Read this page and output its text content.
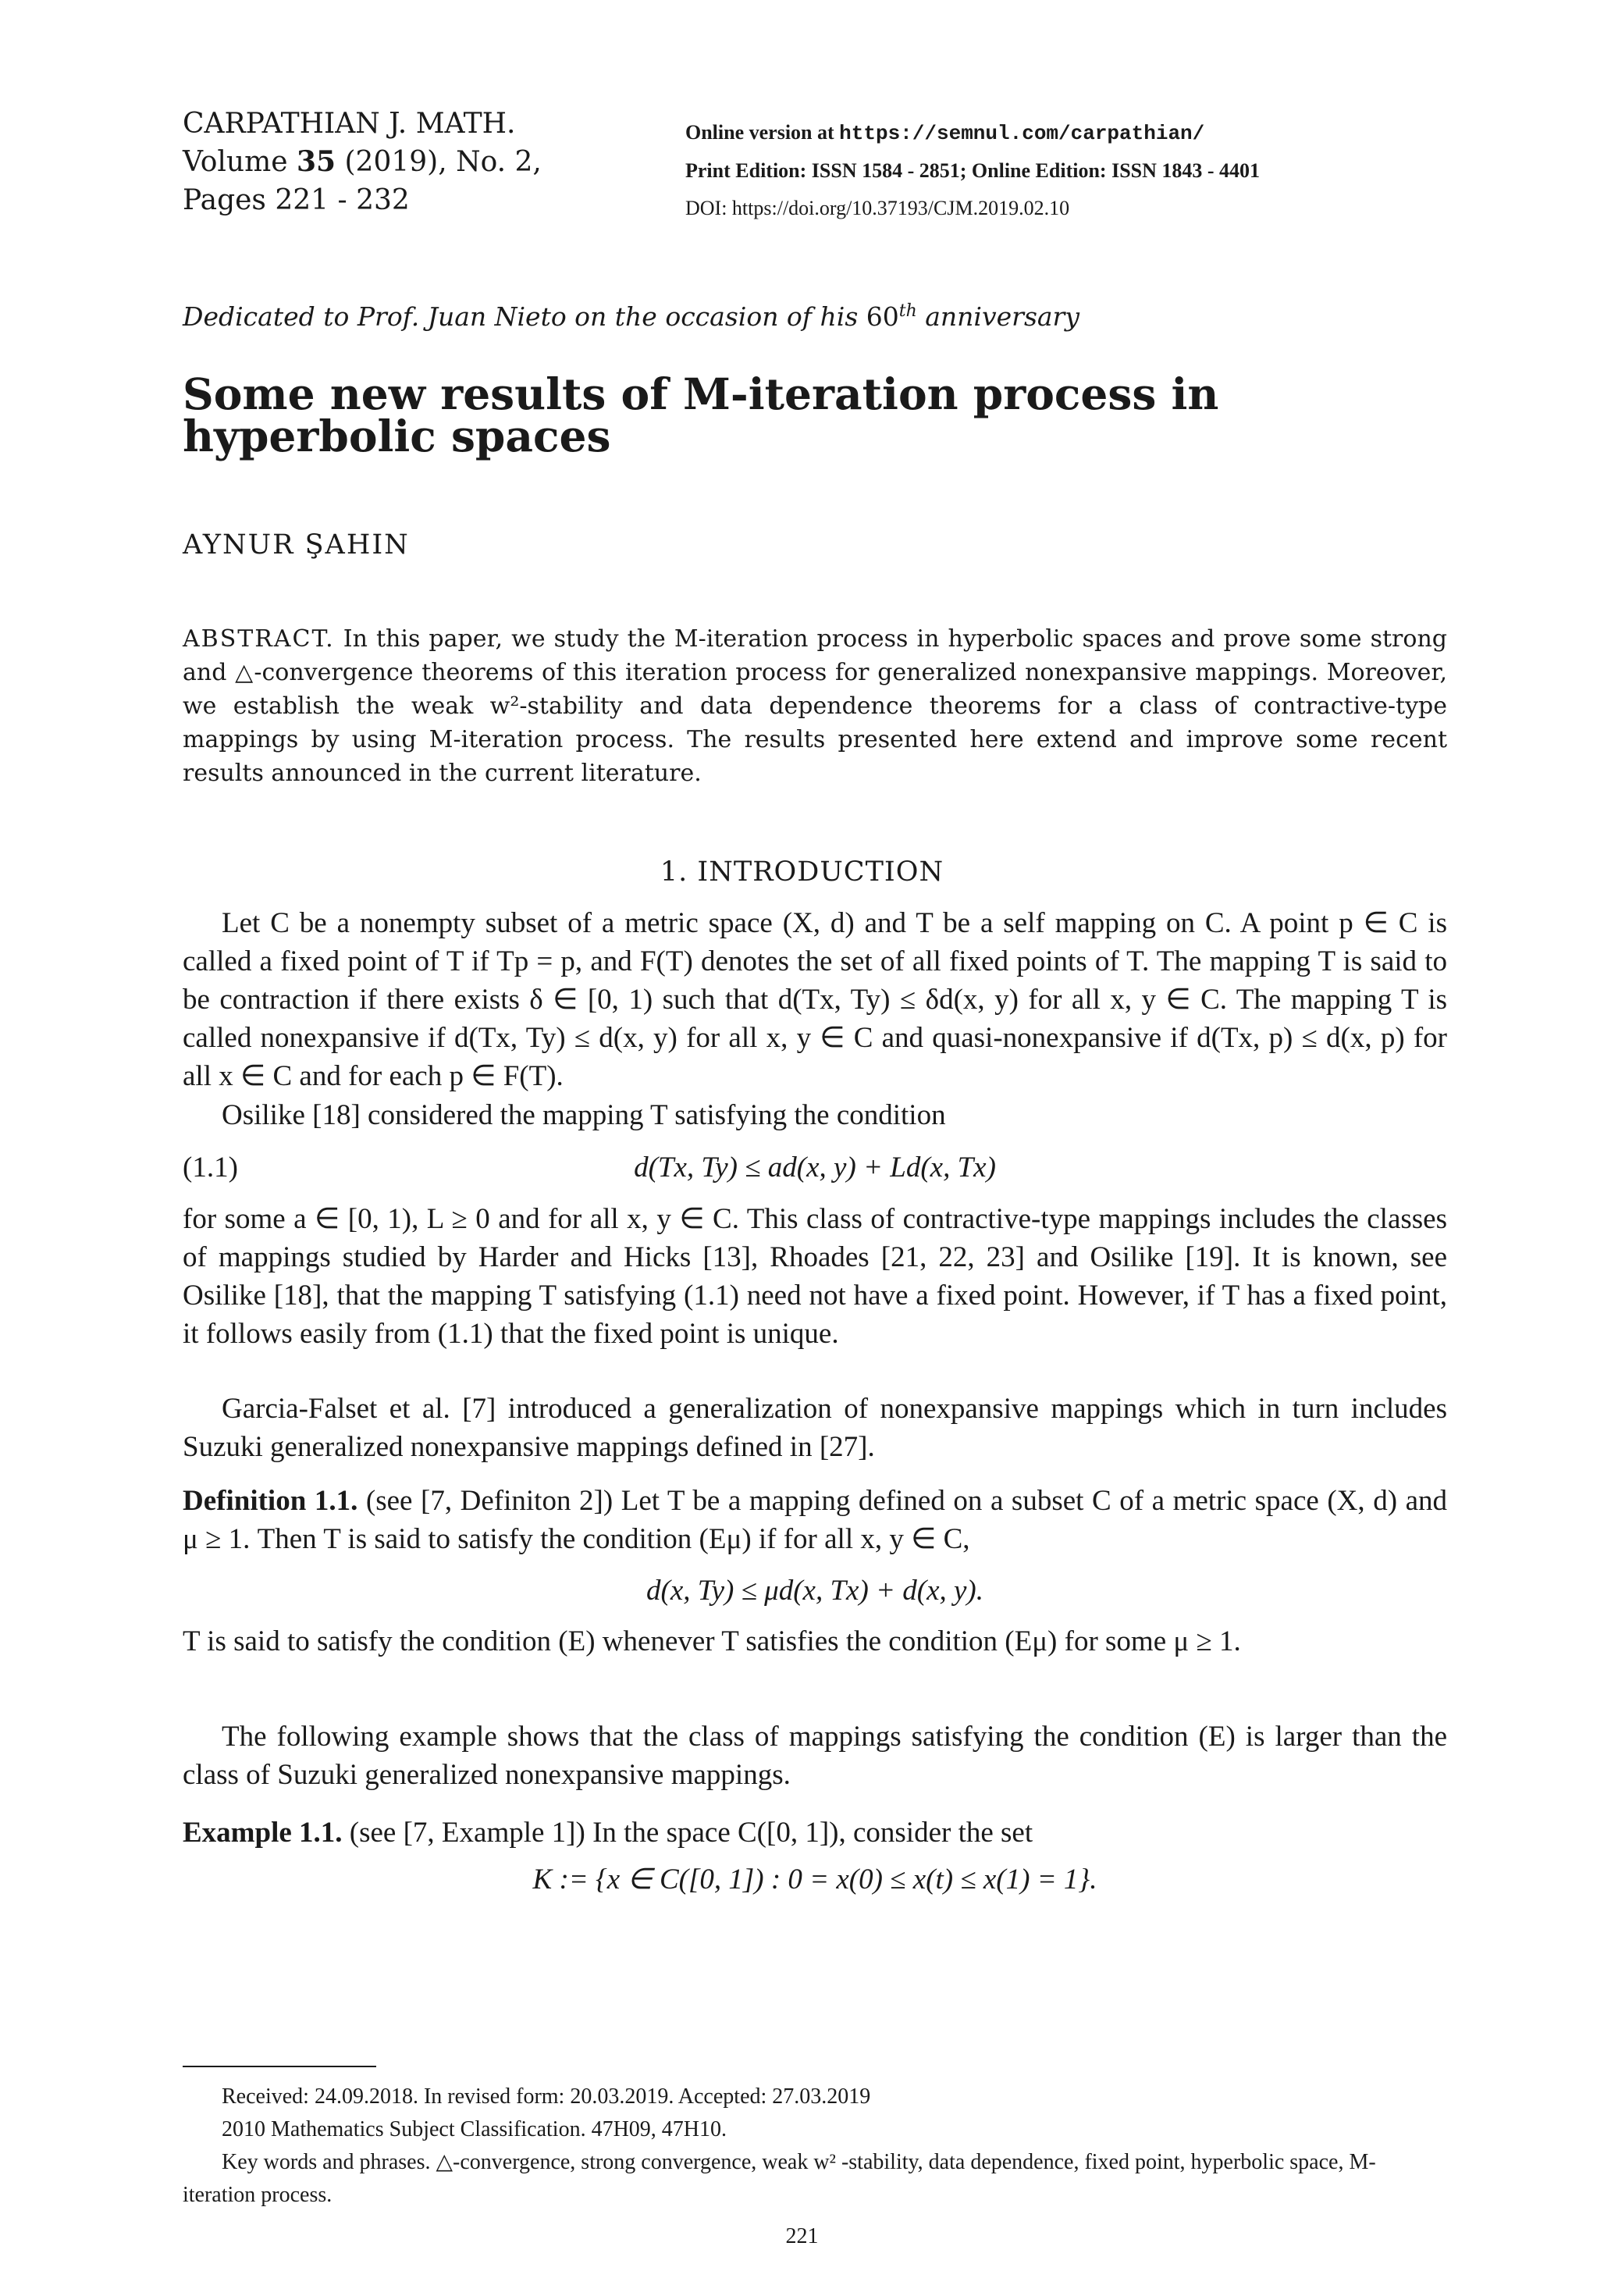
CARPATHIAN J. MATH.
Volume 35 (2019), No. 2,
Pages 221 - 232
Online version at https://semnul.com/carpathian/
Print Edition: ISSN 1584 - 2851; Online Edition: ISSN 1843 - 4401
DOI: https://doi.org/10.37193/CJM.2019.02.10
Dedicated to Prof. Juan Nieto on the occasion of his 60th anniversary
Some new results of M-iteration process in hyperbolic spaces
AYNUR ŞAHIN
ABSTRACT. In this paper, we study the M-iteration process in hyperbolic spaces and prove some strong and △-convergence theorems of this iteration process for generalized nonexpansive mappings. Moreover, we establish the weak w²-stability and data dependence theorems for a class of contractive-type mappings by using M-iteration process. The results presented here extend and improve some recent results announced in the current literature.
1. INTRODUCTION
Let C be a nonempty subset of a metric space (X, d) and T be a self mapping on C. A point p ∈ C is called a fixed point of T if Tp = p, and F(T) denotes the set of all fixed points of T. The mapping T is said to be contraction if there exists δ ∈ [0, 1) such that d(Tx, Ty) ≤ δd(x, y) for all x, y ∈ C. The mapping T is called nonexpansive if d(Tx, Ty) ≤ d(x, y) for all x, y ∈ C and quasi-nonexpansive if d(Tx, p) ≤ d(x, p) for all x ∈ C and for each p ∈ F(T).
Osilike [18] considered the mapping T satisfying the condition
(1.1)	d(Tx, Ty) ≤ ad(x, y) + Ld(x, Tx)
for some a ∈ [0, 1), L ≥ 0 and for all x, y ∈ C. This class of contractive-type mappings includes the classes of mappings studied by Harder and Hicks [13], Rhoades [21, 22, 23] and Osilike [19]. It is known, see Osilike [18], that the mapping T satisfying (1.1) need not have a fixed point. However, if T has a fixed point, it follows easily from (1.1) that the fixed point is unique.
Garcia-Falset et al. [7] introduced a generalization of nonexpansive mappings which in turn includes Suzuki generalized nonexpansive mappings defined in [27].
Definition 1.1. (see [7, Definiton 2]) Let T be a mapping defined on a subset C of a metric space (X, d) and μ ≥ 1. Then T is said to satisfy the condition (Eμ) if for all x, y ∈ C,
d(x, Ty) ≤ μd(x, Tx) + d(x, y).
T is said to satisfy the condition (E) whenever T satisfies the condition (Eμ) for some μ ≥ 1.
The following example shows that the class of mappings satisfying the condition (E) is larger than the class of Suzuki generalized nonexpansive mappings.
Example 1.1. (see [7, Example 1]) In the space C([0, 1]), consider the set
K := {x ∈ C([0, 1]) : 0 = x(0) ≤ x(t) ≤ x(1) = 1}.
Received: 24.09.2018. In revised form: 20.03.2019. Accepted: 27.03.2019
2010 Mathematics Subject Classification. 47H09, 47H10.
Key words and phrases. △-convergence, strong convergence, weak w² -stability, data dependence, fixed point, hyperbolic space, M-iteration process.
221
